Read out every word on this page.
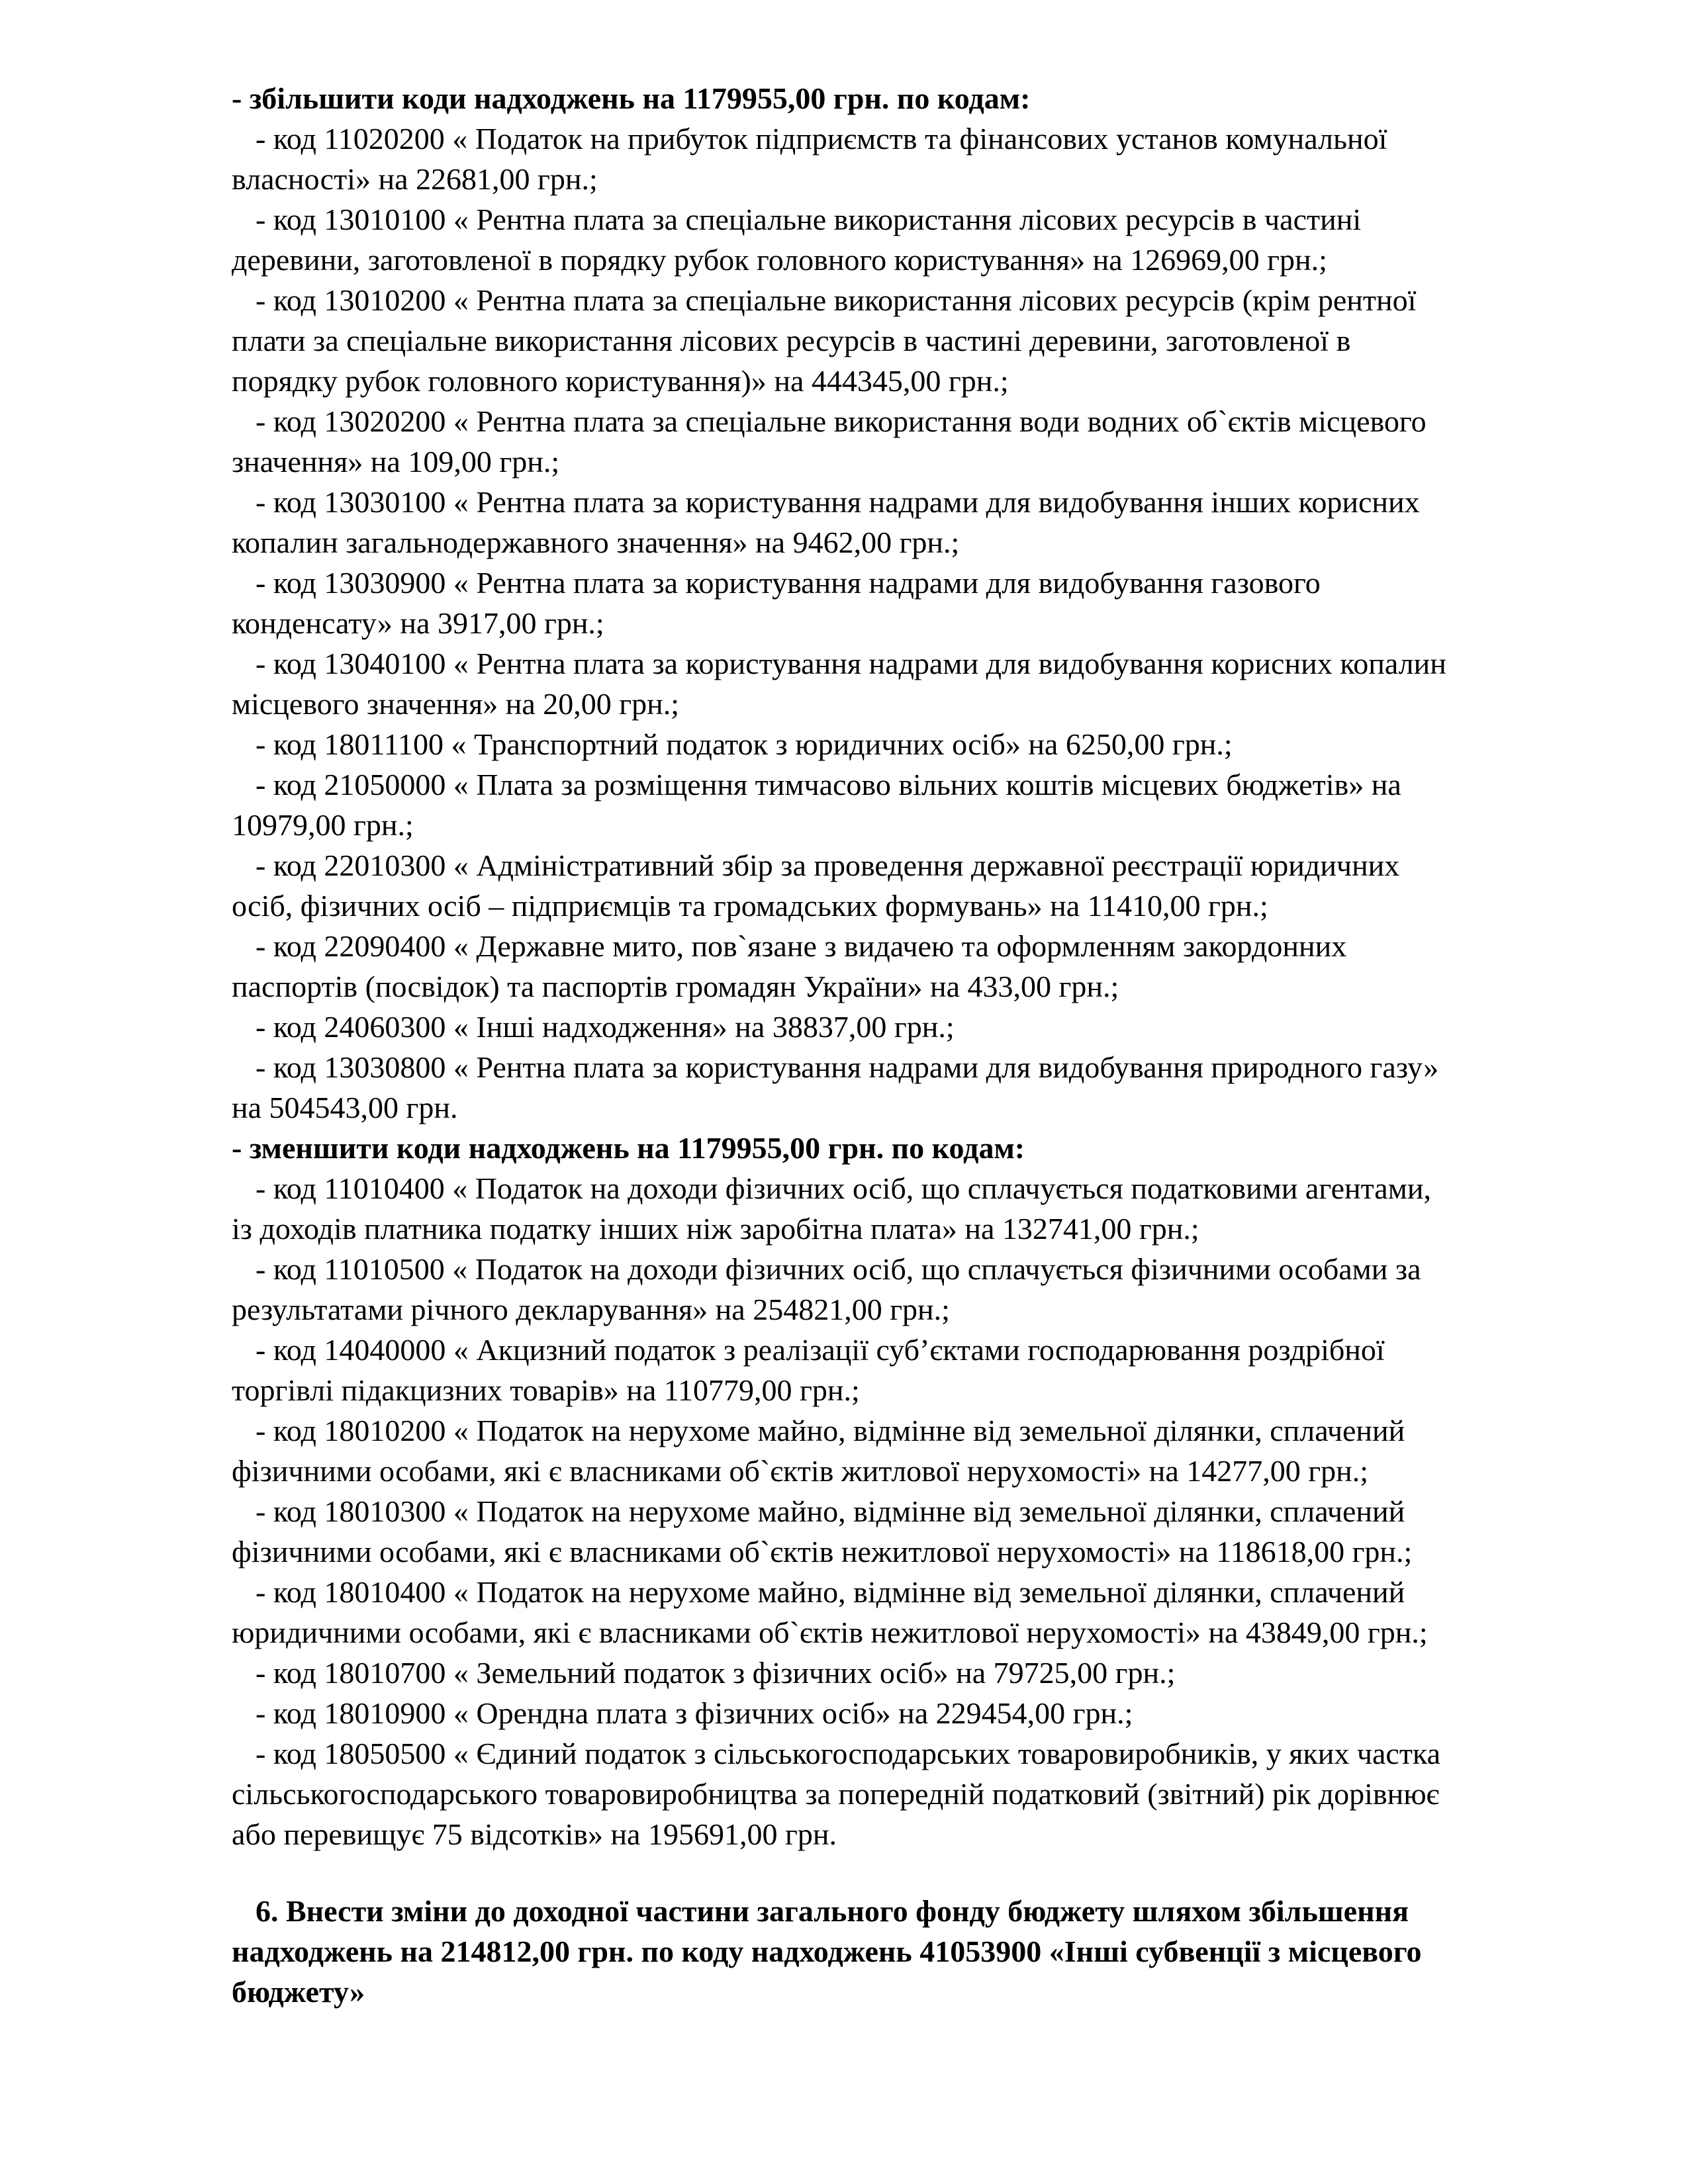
- збільшити коди надходжень на 1179955,00 грн. по кодам:

- код 11020200 « Податок на прибуток підприємств та фінансових установ комунальної
власності» на 22681,00 грн.;
- код 13010100 « Рентна плата за спеціальне використання лісових ресурсів в частині
деревини, заготовленої в порядку рубок головного користування» на 126969,00 грн.;
- код 13010200 « Рентна плата за спеціальне використання лісових ресурсів (крім рентної
плати за спеціальне використання лісових ресурсів в частині деревини, заготовленої в
порядку рубок головного користування)» на 444345,00 грн.;
- код 13020200 « Рентна плата за спеціальне використання води водних об`єктів місцевого
значення» на 109,00 грн.;
- код 13030100 « Рентна плата за користування надрами для видобування інших корисних
копалин загальнодержавного значення» на 9462,00 грн.;
- код 13030900 « Рентна плата за користування надрами для видобування газового
конденсату» на 3917,00 грн.;
- код 13040100 « Рентна плата за користування надрами для видобування корисних копалин
місцевого значення» на 20,00 грн.;
- код 18011100 « Транспортний податок з юридичних осіб» на 6250,00 грн.;
- код 21050000 « Плата за розміщення тимчасово вільних коштів місцевих бюджетів» на
10979,00 грн.;
- код 22010300 « Адміністративний збір за проведення державної реєстрації юридичних
осіб, фізичних осіб – підприємців та громадських формувань» на 11410,00 грн.;
- код 22090400 « Державне мито, пов`язане з видачею та оформленням закордонних
паспортів (посвідок) та паспортів громадян України» на 433,00 грн.;
- код 24060300 « Інші надходження» на 38837,00 грн.;
- код 13030800 « Рентна плата за користування надрами для видобування природного газу»
на 504543,00 грн.

- зменшити коди надходжень на 1179955,00 грн. по кодам:

- код 11010400 « Податок на доходи фізичних осіб, що сплачується податковими агентами,
із доходів платника податку інших ніж заробітна плата» на 132741,00 грн.;
- код 11010500 « Податок на доходи фізичних осіб, що сплачується фізичними особами за
результатами річного декларування» на 254821,00 грн.;
- код 14040000 « Акцизний податок з реалізації суб’єктами господарювання роздрібної
торгівлі підакцизних товарів» на 110779,00 грн.;
- код 18010200 « Податок на нерухоме майно, відмінне від земельної ділянки, сплачений
фізичними особами, які є власниками об`єктів житлової нерухомості» на 14277,00 грн.;
- код 18010300 « Податок на нерухоме майно, відмінне від земельної ділянки, сплачений
фізичними особами, які є власниками об`єктів нежитлової нерухомості» на 118618,00 грн.;
- код 18010400 « Податок на нерухоме майно, відмінне від земельної ділянки, сплачений
юридичними особами, які є власниками об`єктів нежитлової нерухомості» на 43849,00 грн.;
- код 18010700 « Земельний податок з фізичних осіб» на 79725,00 грн.;
- код 18010900 « Орендна плата з фізичних осіб» на 229454,00 грн.;
- код 18050500 « Єдиний податок з сільськогосподарських товаровиробників, у яких частка
сільськогосподарського товаровиробництва за попередній податковий (звітний) рік дорівнює
або перевищує 75 відсотків» на 195691,00 грн.
6. Внести зміни до доходної частини загального фонду бюджету шляхом збільшення
надходжень на 214812,00 грн. по коду надходжень 41053900 «Інші субвенції з місцевого
бюджету»
